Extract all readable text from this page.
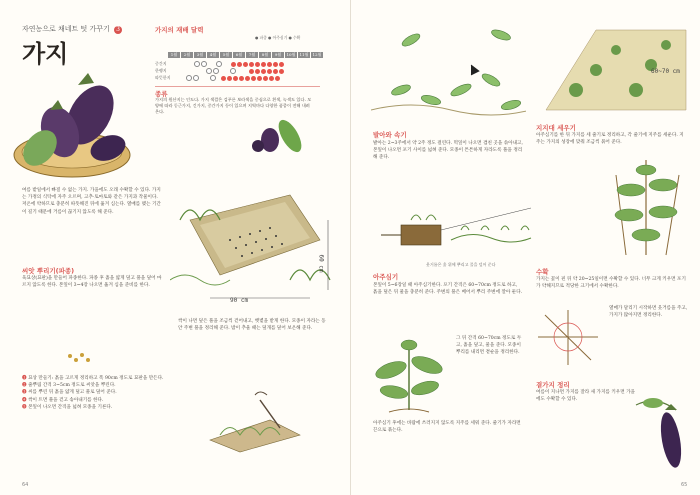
자연농으로 채네트 텃 가꾸기 3
가지
가지의 재배 달력
● 파종 ● 아주심기 ● 수확
1월 2월 3월 4월 5월 6월 7월 8월 9월 10월 11월 12월
중간지
한랭지
따뜻한지
종류
가지의 원산지는 인도다. 가지 색깔은 검푸른 보라색을 중심으로 흰색, 녹색도 있다. 모양에 따라 둥근가지, 긴가지, 중간가지 등이 있으며 지역마다 다양한 품종이 전해 내려온다.
여름 밭일에서 빠질 수 없는 가지. 가을에도 오래 수확할 수 있다. 가지는 가정의 식탁에 자주 오르며, 고추·토마토와 같은 가지과 작물이다. 저온에 약하므로 충분히 따뜻해진 뒤에 옮겨 심는다. 열매를 맺는 기간이 길기 때문에 거름이 끊기지 않도록 해 준다.
씨앗 뿌리기(파종)
육묘상(묘판)을 만들어 파종한다. 파종 후 흙을 얇게 덮고 풀을 덮어 마르지 않도록 한다. 본잎이 3~4장 나오면 옮겨 심을 준비를 한다.
❶ 묘상 만들기: 흙을 고르게 정리하고 폭 90cm 정도로 묘판을 만든다.
❷ 줄뿌림 간격 3~5cm 정도로 씨앗을 뿌린다.
❸ 씨를 뿌린 뒤 흙을 얇게 덮고 풀로 덮어 준다.
❹ 싹이 트면 풀을 걷고 솎아내기를 한다.
❺ 본잎이 나오면 간격을 넓혀 모종을 기른다.
90 cm
60 cm
싹이 나면 덮은 풀을 조금씩 걷어내고, 햇볕을 받게 한다. 모종이 자라는 동안 주변 풀을 정리해 준다. 밤이 추울 때는 덮개를 덮어 보온해 준다.
64
발아와 속기
발아는 2~3주에서 약 2주 정도 걸린다. 떡잎이 나오면 겹친 곳을 솎아내고, 본잎이 나오면 포기 사이를 넓혀 준다. 모종이 튼튼하게 자라도록 풀을 정리해 준다.
웃거름은 흙 위에 뿌리고 풀을 덮어 준다
아주심기
본잎이 5~6장일 때 아주심기한다. 포기 간격은 60~70cm 정도로 하고, 흙을 덮은 뒤 물을 충분히 준다. 주변의 풀은 베어서 뿌리 주변에 깔아 둔다.
그 뒤 간격 60~70cm 정도로 두고, 흙을 덮고, 물을 준다. 모종이 뿌리를 내리면 곁순을 정리한다.
아주심기 후에는 바람에 쓰러지지 않도록 지주를 세워 준다. 줄기가 자라면 끈으로 묶는다.
60~70 cm
지지대 세우기
아주심기를 한 뒤 가지를 세 줄기로 정리하고, 각 줄기에 지주를 세운다. 지주는 가지의 성장에 맞춰 조금씩 묶어 준다.
수확
가지는 꽃이 핀 뒤 약 20~25일이면 수확할 수 있다. 너무 크게 키우면 포기가 약해지므로 적당한 크기에서 수확한다.
열매가 달리기 시작하면 웃거름을 주고, 가지가 많아지면 정리한다.
곁가지 정리
여름이 지나면 가지를 잘라 새 가지를 키우면 가을에도 수확할 수 있다.
65
